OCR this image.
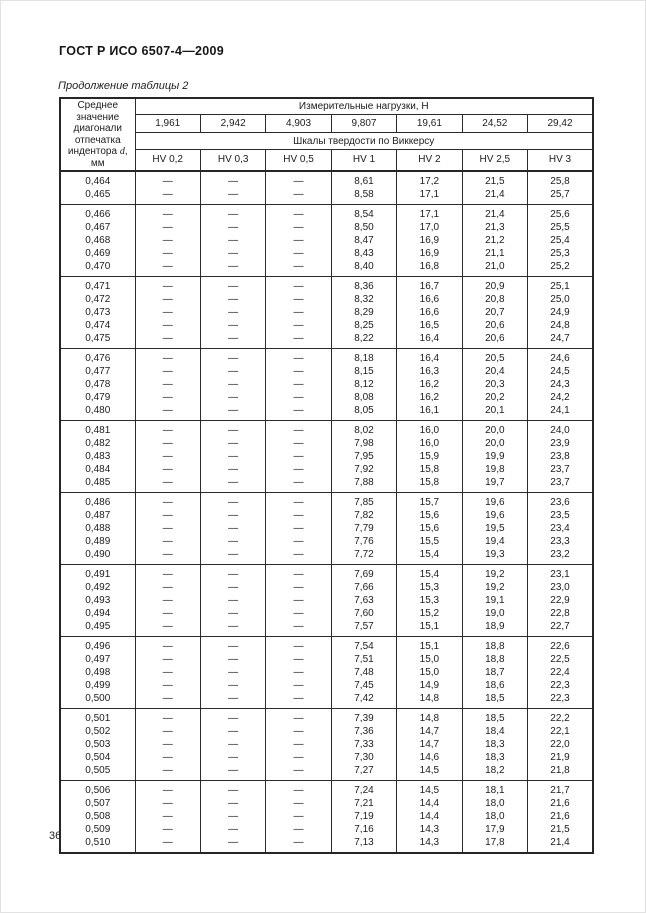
ГОСТ Р ИСО 6507-4—2009
Продолжение таблицы 2
Среднее значение диагонали отпечатка индентора d, мм	Измерительные нагрузки, Н						
	1,961	2,942	4,903	9,807	19,61	24,52	29,42
	Шкалы твердости по Виккерсу						
	HV 0,2	HV 0,3	HV 0,5	HV 1	HV 2	HV 2,5	HV 3
0,464	—	—	—	8,61	17,2	21,5	25,8
0,465	—	—	—	8,58	17,1	21,4	25,7
0,466	—	—	—	8,54	17,1	21,4	25,6
0,467	—	—	—	8,50	17,0	21,3	25,5
0,468	—	—	—	8,47	16,9	21,2	25,4
0,469	—	—	—	8,43	16,9	21,1	25,3
0,470	—	—	—	8,40	16,8	21,0	25,2
0,471	—	—	—	8,36	16,7	20,9	25,1
0,472	—	—	—	8,32	16,6	20,8	25,0
0,473	—	—	—	8,29	16,6	20,7	24,9
0,474	—	—	—	8,25	16,5	20,6	24,8
0,475	—	—	—	8,22	16,4	20,6	24,7
0,476	—	—	—	8,18	16,4	20,5	24,6
0,477	—	—	—	8,15	16,3	20,4	24,5
0,478	—	—	—	8,12	16,2	20,3	24,3
0,479	—	—	—	8,08	16,2	20,2	24,2
0,480	—	—	—	8,05	16,1	20,1	24,1
0,481	—	—	—	8,02	16,0	20,0	24,0
0,482	—	—	—	7,98	16,0	20,0	23,9
0,483	—	—	—	7,95	15,9	19,9	23,8
0,484	—	—	—	7,92	15,8	19,8	23,7
0,485	—	—	—	7,88	15,8	19,7	23,7
0,486	—	—	—	7,85	15,7	19,6	23,6
0,487	—	—	—	7,82	15,6	19,6	23,5
0,488	—	—	—	7,79	15,6	19,5	23,4
0,489	—	—	—	7,76	15,5	19,4	23,3
0,490	—	—	—	7,72	15,4	19,3	23,2
0,491	—	—	—	7,69	15,4	19,2	23,1
0,492	—	—	—	7,66	15,3	19,2	23,0
0,493	—	—	—	7,63	15,3	19,1	22,9
0,494	—	—	—	7,60	15,2	19,0	22,8
0,495	—	—	—	7,57	15,1	18,9	22,7
0,496	—	—	—	7,54	15,1	18,8	22,6
0,497	—	—	—	7,51	15,0	18,8	22,5
0,498	—	—	—	7,48	15,0	18,7	22,4
0,499	—	—	—	7,45	14,9	18,6	22,3
0,500	—	—	—	7,42	14,8	18,5	22,3
0,501	—	—	—	7,39	14,8	18,5	22,2
0,502	—	—	—	7,36	14,7	18,4	22,1
0,503	—	—	—	7,33	14,7	18,3	22,0
0,504	—	—	—	7,30	14,6	18,3	21,9
0,505	—	—	—	7,27	14,5	18,2	21,8
0,506	—	—	—	7,24	14,5	18,1	21,7
0,507	—	—	—	7,21	14,4	18,0	21,6
0,508	—	—	—	7,19	14,4	18,0	21,6
0,509	—	—	—	7,16	14,3	17,9	21,5
0,510	—	—	—	7,13	14,3	17,8	21,4
36
